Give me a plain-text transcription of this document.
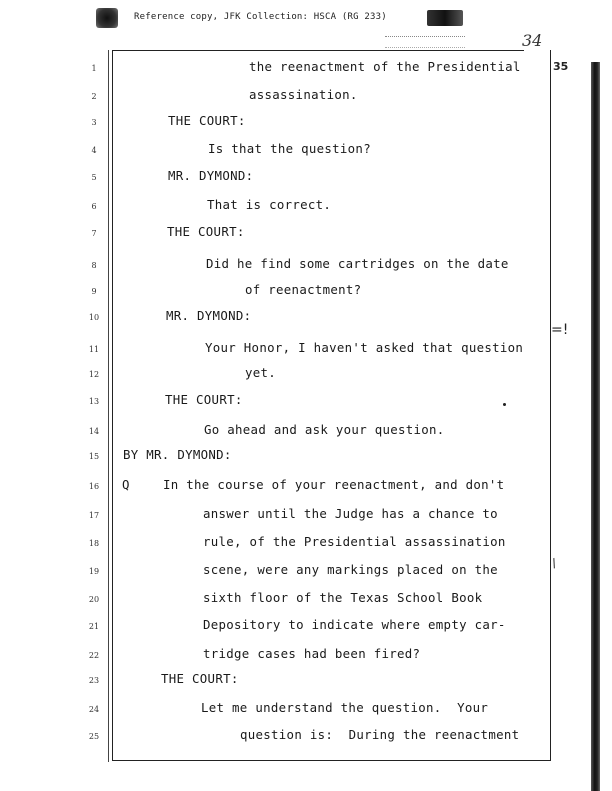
Reference copy, JFK Collection: HSCA (RG 233)
34
35
=!
/
1	the reenactment of the Presidential
2	assassination.
3	THE COURT:
4	Is that the question?
5	MR. DYMOND:
6	That is correct.
7	THE COURT:
8	Did he find some cartridges on the date
9	of reenactment?
10	MR. DYMOND:
11	Your Honor, I haven't asked that question
12	yet.
13	THE COURT:
14	Go ahead and ask your question.
15	BY MR. DYMOND:
16	Q	In the course of your reenactment, and don't
17	answer until the Judge has a chance to
18	rule, of the Presidential assassination
19	scene, were any markings placed on the
20	sixth floor of the Texas School Book
21	Depository to indicate where empty car-
22	tridge cases had been fired?
23	THE COURT:
24	Let me understand the question.  Your
25	question is:  During the reenactment
